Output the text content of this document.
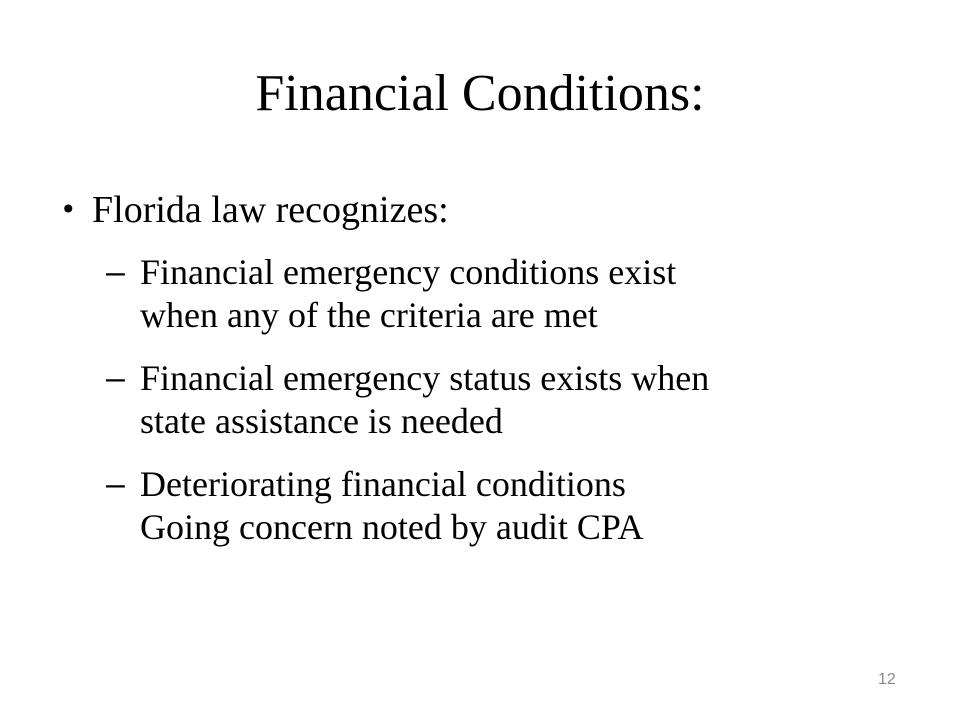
Financial Conditions:
• Florida law recognizes:
– Financial emergency conditions exist
when any of the criteria are met
– Financial emergency status exists when
state assistance is needed
– Deteriorating financial conditions
Going concern noted by audit CPA
12
